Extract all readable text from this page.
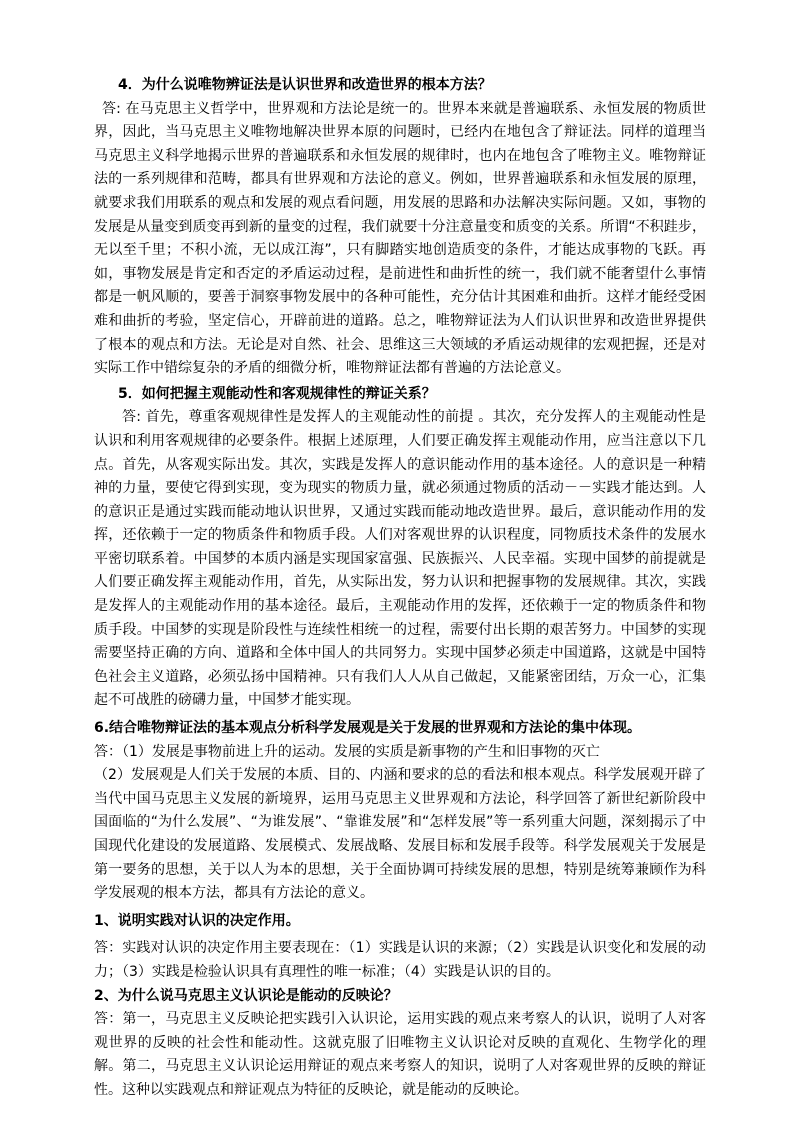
4．为什么说唯物辨证法是认识世界和改造世界的根本方法？

答: 在马克思主义哲学中，世界观和方法论是统一的。世界本来就是普遍联系、永恒发展的物质世界，因此，当马克思主义唯物地解决世界本原的问题时，已经内在地包含了辩证法。同样的道理当马克思主义科学地揭示世界的普遍联系和永恒发展的规律时，也内在地包含了唯物主义。唯物辩证法的一系列规律和范畴，都具有世界观和方法论的意义。例如，世界普遍联系和永恒发展的原理，就要求我们用联系的观点和发展的观点看问题，用发展的思路和办法解决实际问题。又如，事物的发展是从量变到质变再到新的量变的过程，我们就要十分注意量变和质变的关系。所谓“不积跬步，无以至千里；不积小流，无以成江海”，只有脚踏实地创造质变的条件，才能达成事物的飞跃。再如，事物发展是肯定和否定的矛盾运动过程，是前进性和曲折性的统一，我们就不能奢望什么事情都是一帆风顺的，要善于洞察事物发展中的各种可能性，充分估计其困难和曲折。这样才能经受困难和曲折的考验，坚定信心，开辟前进的道路。总之，唯物辩证法为人们认识世界和改造世界提供了根本的观点和方法。无论是对自然、社会、思维这三大领域的矛盾运动规律的宏观把握，还是对实际工作中错综复杂的矛盾的细微分析，唯物辩证法都有普遍的方法论意义。

5．如何把握主观能动性和客观规律性的辩证关系？

答: 首先，尊重客观规律性是发挥人的主观能动性的前提 。其次，充分发挥人的主观能动性是认识和利用客观规律的必要条件。根据上述原理，人们要正确发挥主观能动作用，应当注意以下几点。首先，从客观实际出发。其次，实践是发挥人的意识能动作用的基本途径。人的意识是一种精神的力量，要使它得到实现，变为现实的物质力量，就必须通过物质的活动－－实践才能达到。人的意识正是通过实践而能动地认识世界，又通过实践而能动地改造世界。最后，意识能动作用的发挥，还依赖于一定的物质条件和物质手段。人们对客观世界的认识程度，同物质技术条件的发展水平密切联系着。中国梦的本质内涵是实现国家富强、民族振兴、人民幸福。实现中国梦的前提就是人们要正确发挥主观能动作用，首先，从实际出发，努力认识和把握事物的发展规律。其次，实践是发挥人的主观能动作用的基本途径。最后，主观能动作用的发挥，还依赖于一定的物质条件和物质手段。中国梦的实现是阶段性与连续性相统一的过程，需要付出长期的艰苦努力。中国梦的实现需要坚持正确的方向、道路和全体中国人的共同努力。实现中国梦必须走中国道路，这就是中国特色社会主义道路，必须弘扬中国精神。只有我们人人从自己做起，又能紧密团结，万众一心，汇集起不可战胜的磅礴力量，中国梦才能实现。

6.结合唯物辩证法的基本观点分析科学发展观是关于发展的世界观和方法论的集中体现。

答：（1）发展是事物前进上升的运动。发展的实质是新事物的产生和旧事物的灭亡

（2）发展观是人们关于发展的本质、目的、内涵和要求的总的看法和根本观点。科学发展观开辟了当代中国马克思主义发展的新境界，运用马克思主义世界观和方法论，科学回答了新世纪新阶段中国面临的“为什么发展”、“为谁发展”、“靠谁发展”和“怎样发展”等一系列重大问题，深刻揭示了中国现代化建设的发展道路、发展模式、发展战略、发展目标和发展手段等。科学发展观关于发展是第一要务的思想，关于以人为本的思想，关于全面协调可持续发展的思想，特别是统筹兼顾作为科学发展观的根本方法，都具有方法论的意义。

1、说明实践对认识的决定作用。

答：实践对认识的决定作用主要表现在：（1）实践是认识的来源；（2）实践是认识变化和发展的动力；（3）实践是检验认识具有真理性的唯一标准；（4）实践是认识的目的。

2、为什么说马克思主义认识论是能动的反映论？

答：第一，马克思主义反映论把实践引入认识论，运用实践的观点来考察人的认识，说明了人对客观世界的反映的社会性和能动性。这就克服了旧唯物主义认识论对反映的直观化、生物学化的理解。第二，马克思主义认识论运用辩证的观点来考察人的知识，说明了人对客观世界的反映的辩证性。这种以实践观点和辩证观点为特征的反映论，就是能动的反映论。
